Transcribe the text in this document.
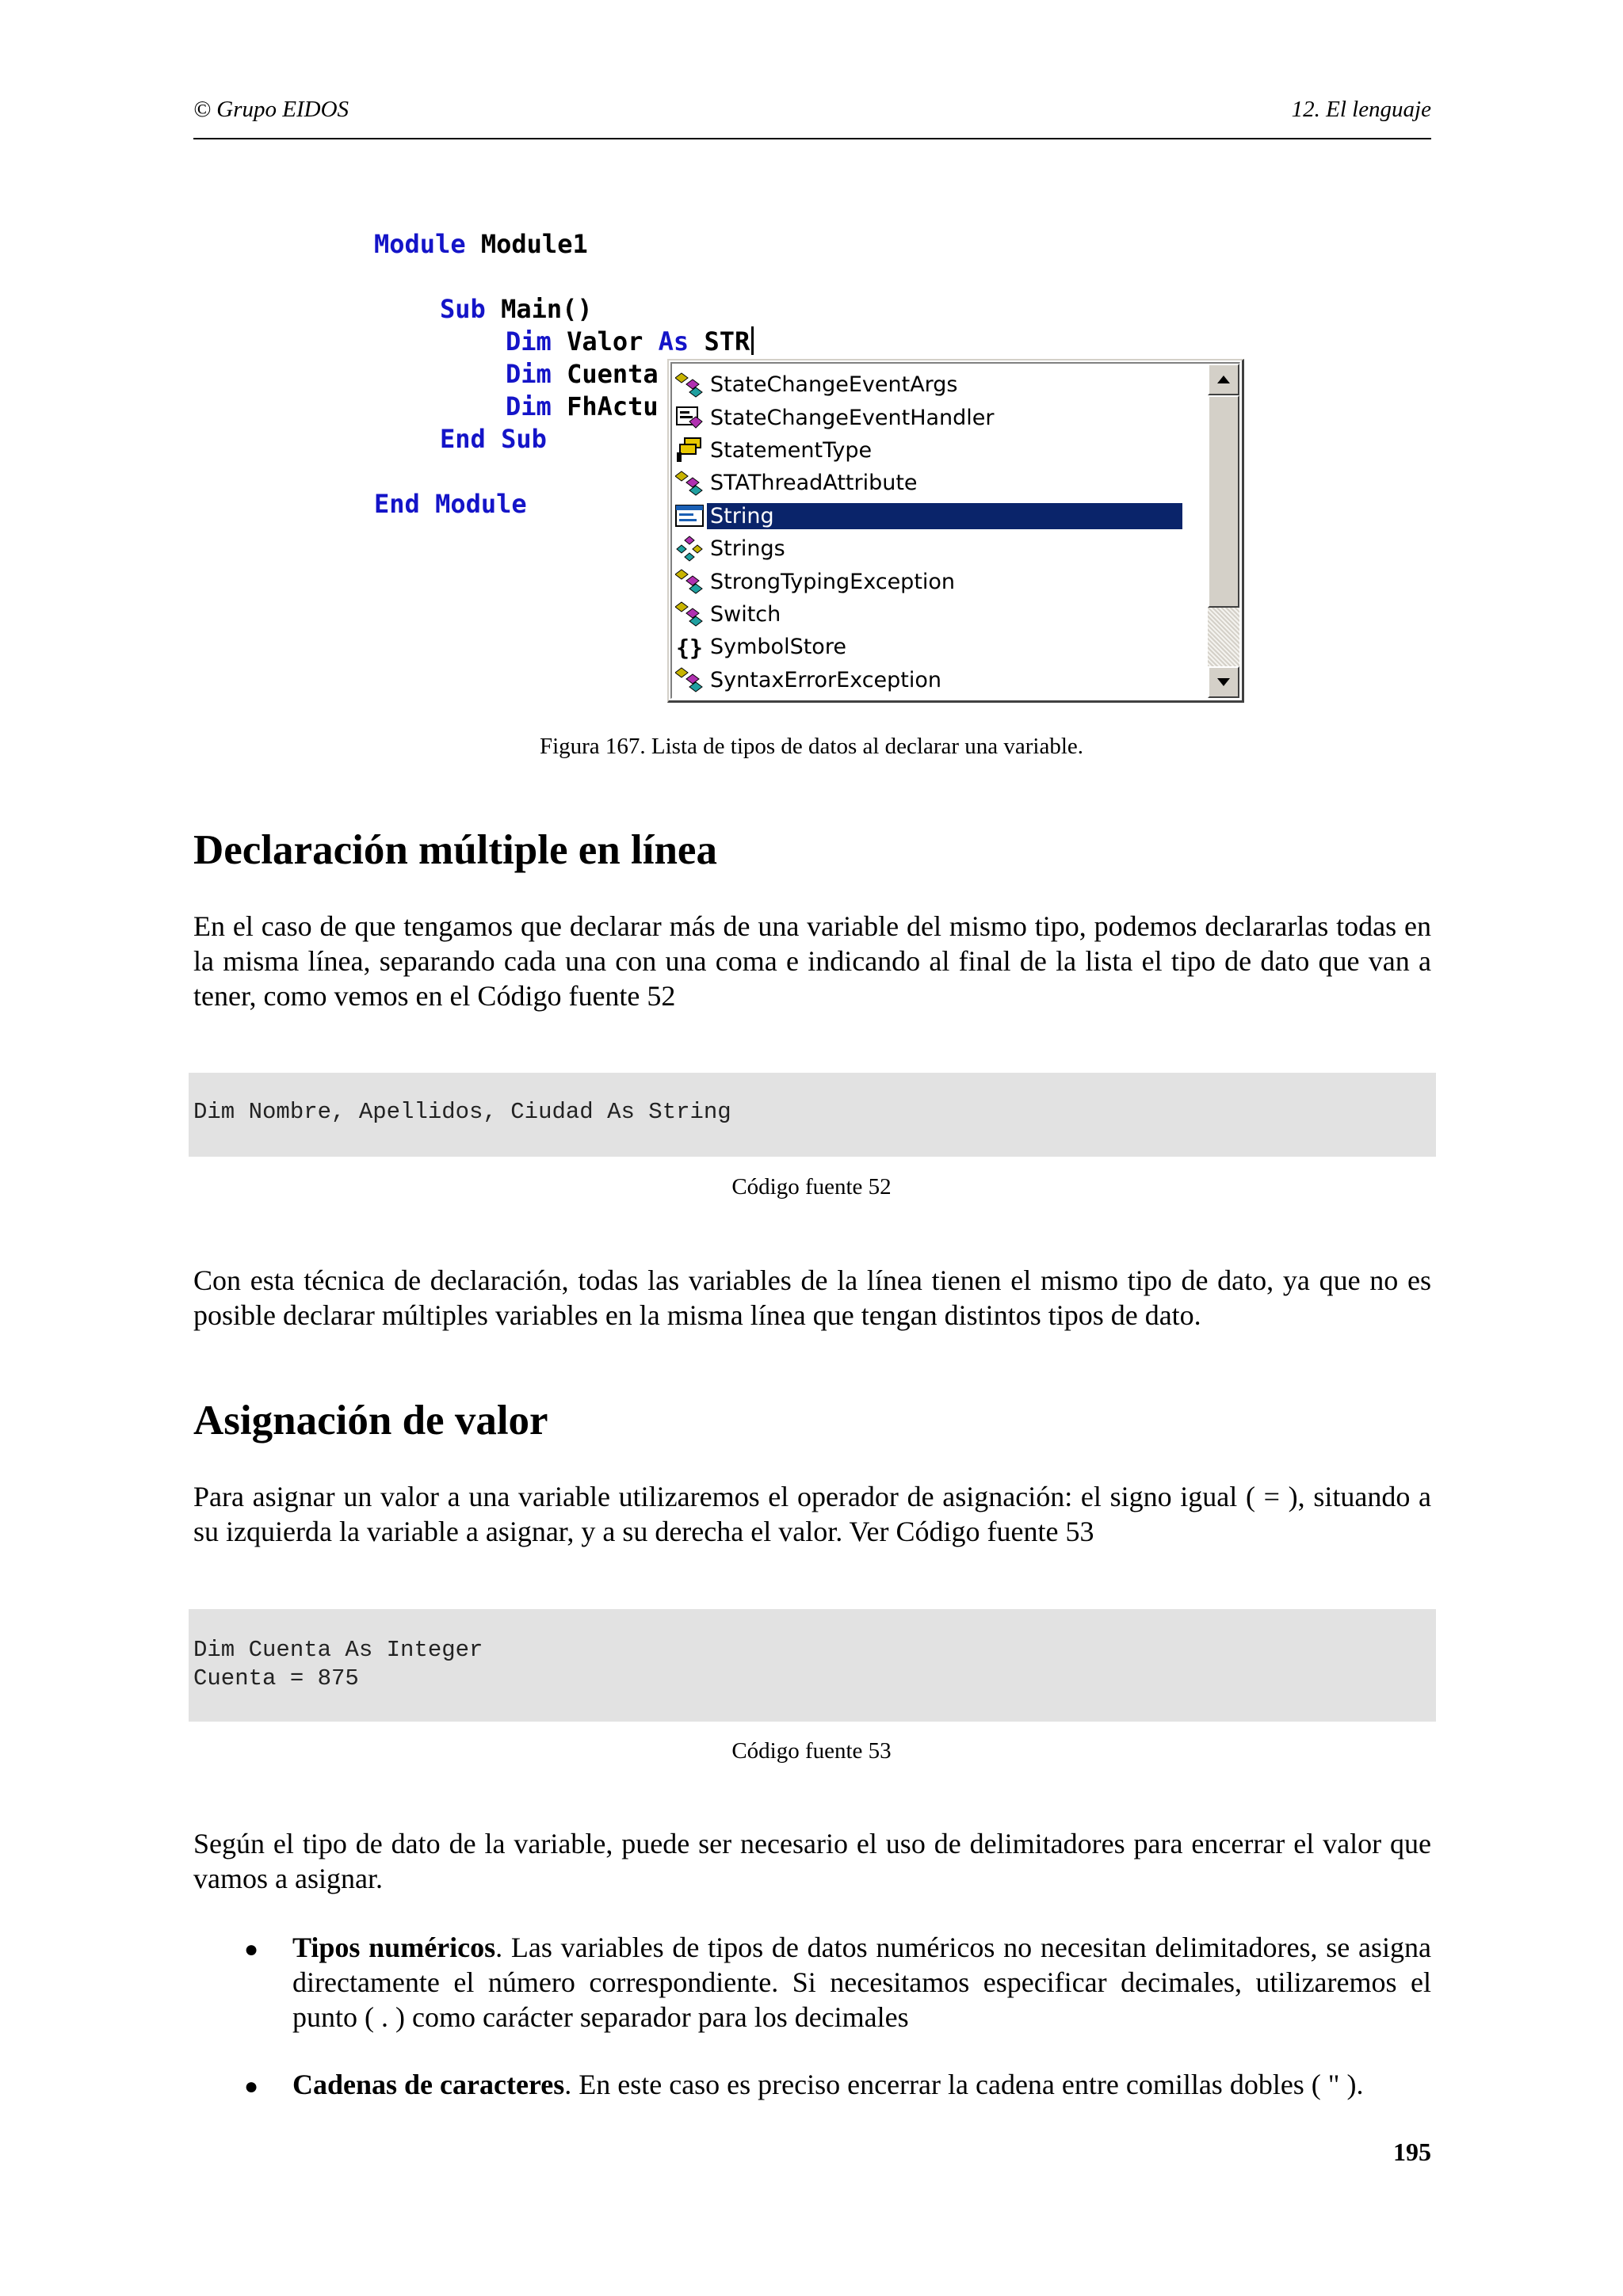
© Grupo EIDOS	12. El lenguaje
Module Module1
Sub Main()
Dim Valor As STR
Dim Cuenta
Dim FhActu
End Sub
End Module
StateChangeEventArgs
StateChangeEventHandler
StatementType
STAThreadAttribute
String
Strings
StrongTypingException
Switch
{} SymbolStore
SyntaxErrorException
Figura 167. Lista de tipos de datos al declarar una variable.
Declaración múltiple en línea
En el caso de que tengamos que declarar más de una variable del mismo tipo, podemos declararlas todas en la misma línea, separando cada una con una coma e indicando al final de la lista el tipo de dato que van a tener, como vemos en el Código fuente 52
Dim Nombre, Apellidos, Ciudad As String
Código fuente 52
Con esta técnica de declaración, todas las variables de la línea tienen el mismo tipo de dato, ya que no es posible declarar múltiples variables en la misma línea que tengan distintos tipos de dato.
Asignación de valor
Para asignar un valor a una variable utilizaremos el operador de asignación: el signo igual ( = ), situando a su izquierda la variable a asignar, y a su derecha el valor. Ver Código fuente 53
Dim Cuenta As Integer
Cuenta = 875
Código fuente 53
Según el tipo de dato de la variable, puede ser necesario el uso de delimitadores para encerrar el valor que vamos a asignar.
● Tipos numéricos. Las variables de tipos de datos numéricos no necesitan delimitadores, se asigna directamente el número correspondiente. Si necesitamos especificar decimales, utilizaremos el punto ( . ) como carácter separador para los decimales
● Cadenas de caracteres. En este caso es preciso encerrar la cadena entre comillas dobles ( " ).
195
